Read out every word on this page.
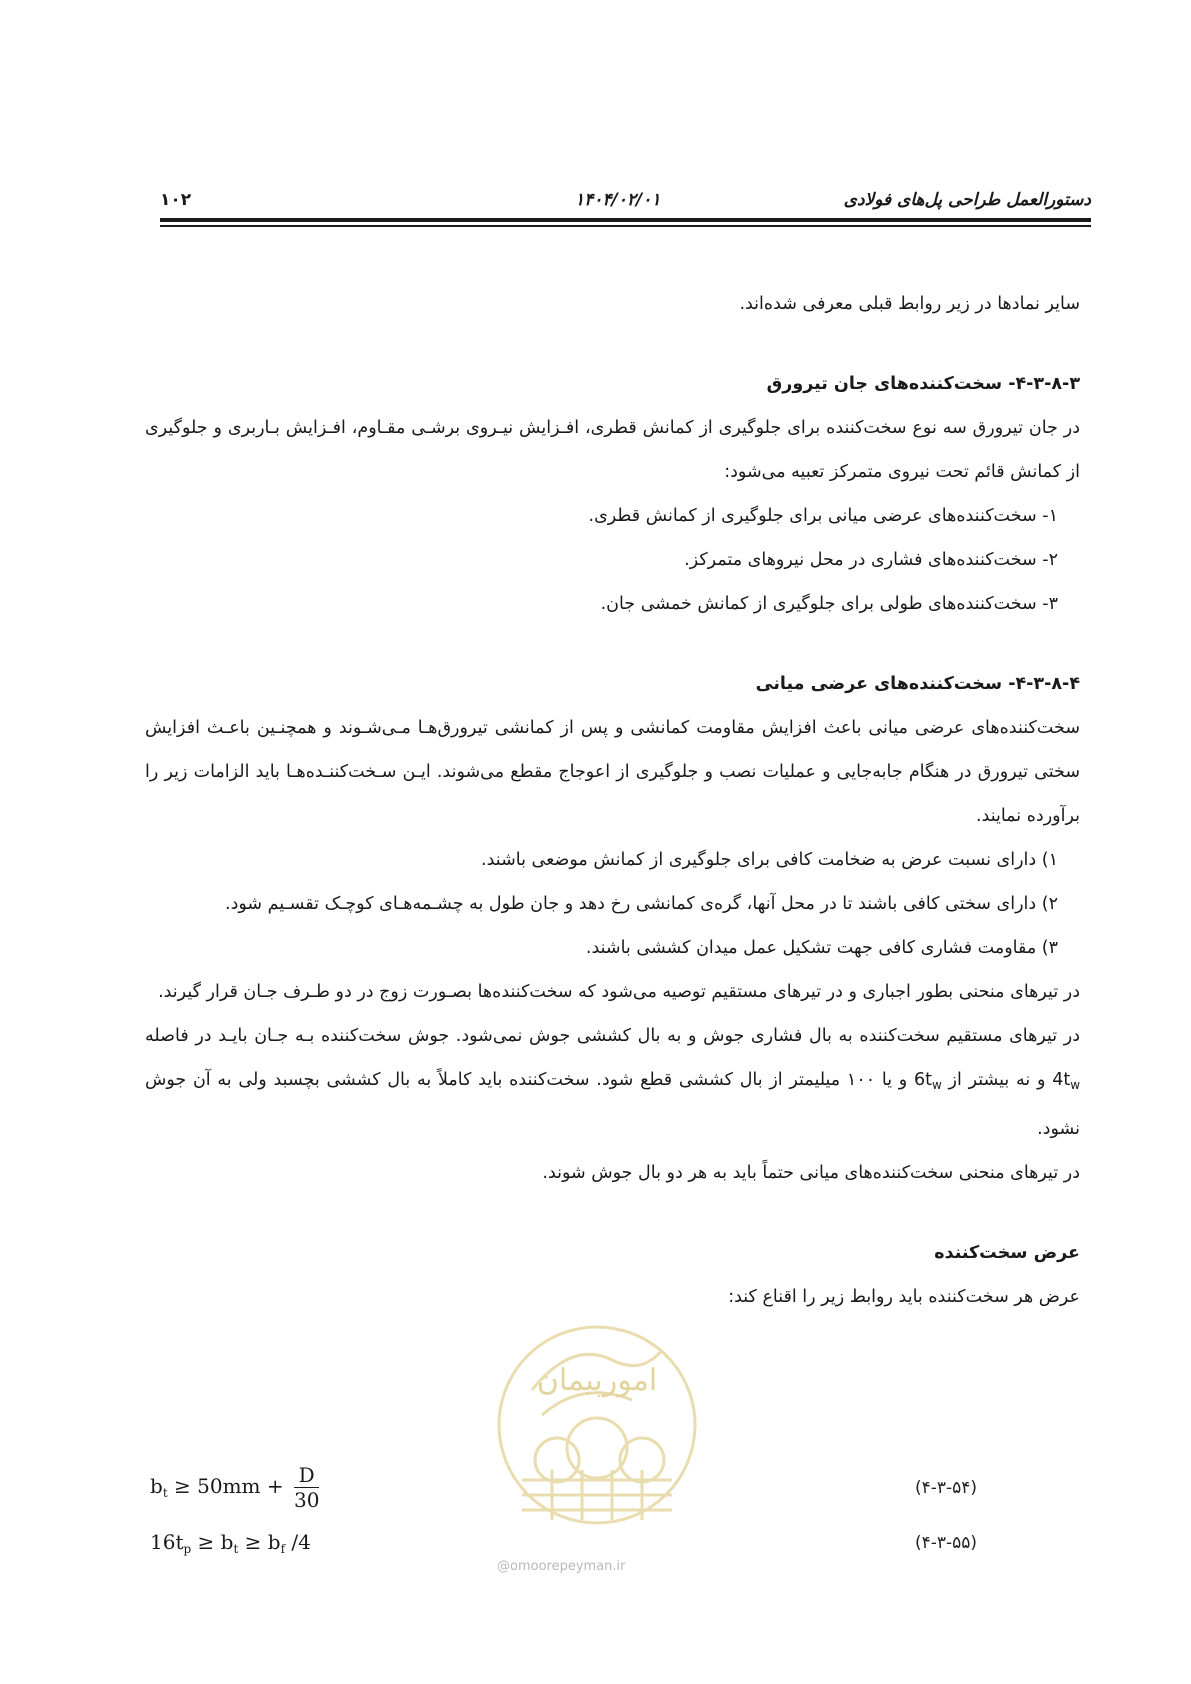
۱۰۲	۱۴۰۴/۰۲/۰۱	دستورالعمل طراحی پل‌های فولادی

سایر نمادها در زیر روابط قبلی معرفی شده‌اند.

۴-۳-۸-۳- سخت‌کننده‌های جان تیرورق

در جان تیرورق سه نوع سخت‌کننده برای جلوگیری از کمانش قطری، افـزایش نیـروی برشـی مقـاوم، افـزایش بـاربری و جلوگیری از کمانش قائم تحت نیروی متمرکز تعبیه می‌شود:

۱- سخت‌کننده‌های عرضی میانی برای جلوگیری از کمانش قطری.

۲- سخت‌کننده‌های فشاری در محل نیروهای متمرکز.

۳- سخت‌کننده‌های طولی برای جلوگیری از کمانش خمشی جان.

۴-۳-۸-۴- سخت‌کننده‌های عرضی میانی

سخت‌کننده‌های عرضی میانی باعث افزایش مقاومت کمانشی و پس از کمانشی تیرورق‌هـا مـی‌شـوند و همچنـین باعـث افزایش سختی تیرورق در هنگام جابه‌جایی و عملیات نصب و جلوگیری از اعوجاج مقطع می‌شوند. ایـن سـخت‌کننـده‌هـا باید الزامات زیر را برآورده نمایند.

۱) دارای نسبت عرض به ضخامت کافی برای جلوگیری از کمانش موضعی باشند.

۲) دارای سختی کافی باشند تا در محل آنها، گره‌ی کمانشی رخ دهد و جان طول به چشـمه‌هـای کوچـک تقسـیم شود.

۳) مقاومت فشاری کافی جهت تشکیل عمل میدان کششی باشند.

در تیرهای منحنی بطور اجباری و در تیرهای مستقیم توصیه می‌شود که سخت‌کننده‌ها بصـورت زوج در دو طـرف جـان قرار گیرند.

در تیرهای مستقیم سخت‌کننده به بال فشاری جوش و به بال کششی جوش نمی‌شود. جوش سخت‌کننده بـه جـان بایـد در فاصله $4t_w$ و نه بیشتر از $6t_w$ و یا ۱۰۰ میلیمتر از بال کششی قطع شود. سخت‌کننده باید کاملاً به بال کششی بچسبد ولی به آن جوش نشود.

در تیرهای منحنی سخت‌کننده‌های میانی حتماً باید به هر دو بال جوش شوند.

عرض سخت‌کننده

عرض هر سخت‌کننده باید روابط زیر را اقناع کند:

امورپیمان
@omoorepeyman.ir
$b_t \ge 50mm + \frac{D}{30}$	(۴-۳-۵۴)
$16t_p \ge b_t \ge b_f$ /4	(۴-۳-۵۵)
